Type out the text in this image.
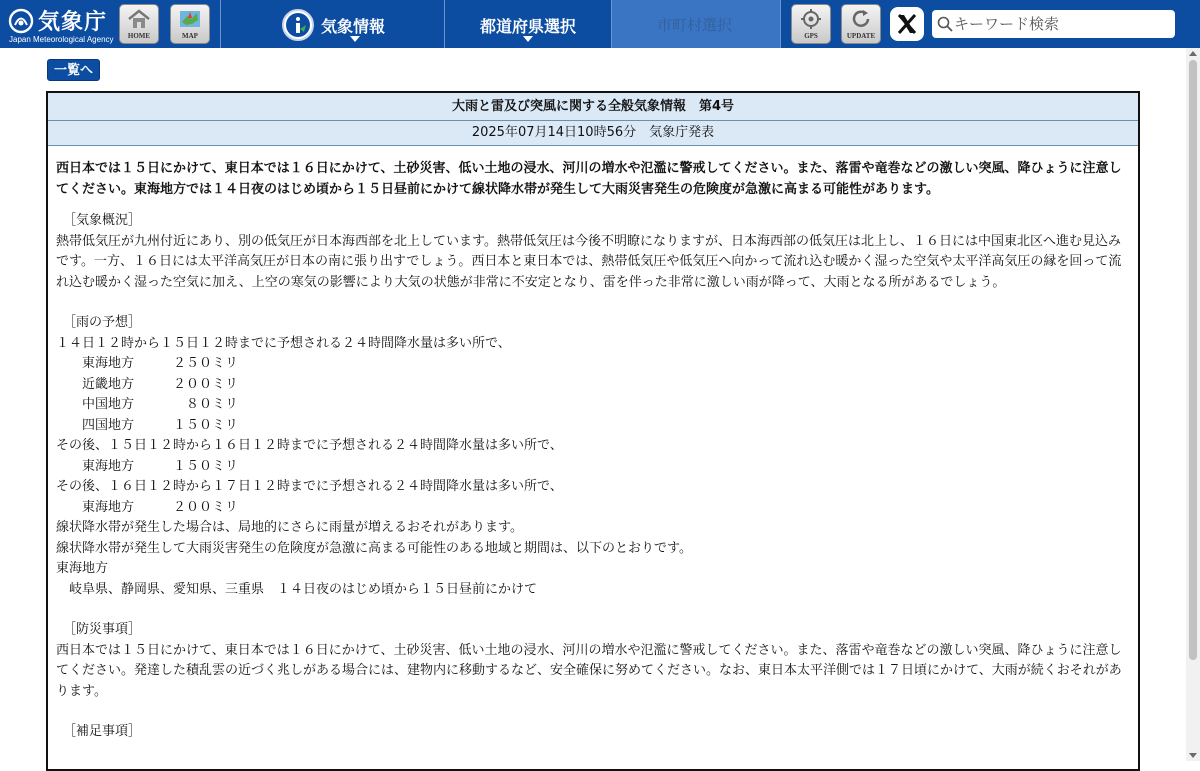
気象庁
Japan Meteorological Agency	HOME	MAP	気象情報	都道府県選択	市町村選択
GPS	UPDATE
キーワード検索
一覧へ
大雨と雷及び突風に関する全般気象情報　第4号
2025年07月14日10時56分　気象庁発表
西日本では１５日にかけて、東日本では１６日にかけて、土砂災害、低い土地の浸水、河川の増水や氾濫に警戒してください。また、落雷や竜巻などの激しい突風、降ひょうに注意してください。東海地方では１４日夜のはじめ頃から１５日昼前にかけて線状降水帯が発生して大雨災害発生の危険度が急激に高まる可能性があります。
［気象概況］
熱帯低気圧が九州付近にあり、別の低気圧が日本海西部を北上しています。熱帯低気圧は今後不明瞭になりますが、日本海西部の低気圧は北上し、１６日には中国東北区へ進む見込みです。一方、１６日には太平洋高気圧が日本の南に張り出すでしょう。西日本と東日本では、熱帯低気圧や低気圧へ向かって流れ込む暖かく湿った空気や太平洋高気圧の縁を回って流れ込む暖かく湿った空気に加え、上空の寒気の影響により大気の状態が非常に不安定となり、雷を伴った非常に激しい雨が降って、大雨となる所があるでしょう。
［雨の予想］
１４日１２時から１５日１２時までに予想される２４時間降水量は多い所で、
　　東海地方　　　２５０ミリ
　　近畿地方　　　２００ミリ
　　中国地方　　　　８０ミリ
　　四国地方　　　１５０ミリ
その後、１５日１２時から１６日１２時までに予想される２４時間降水量は多い所で、
　　東海地方　　　１５０ミリ
その後、１６日１２時から１７日１２時までに予想される２４時間降水量は多い所で、
　　東海地方　　　２００ミリ
線状降水帯が発生した場合は、局地的にさらに雨量が増えるおそれがあります。
線状降水帯が発生して大雨災害発生の危険度が急激に高まる可能性のある地域と期間は、以下のとおりです。
東海地方
　岐阜県、静岡県、愛知県、三重県　１４日夜のはじめ頃から１５日昼前にかけて
［防災事項］
西日本では１５日にかけて、東日本では１６日にかけて、土砂災害、低い土地の浸水、河川の増水や氾濫に警戒してください。また、落雷や竜巻などの激しい突風、降ひょうに注意してください。発達した積乱雲の近づく兆しがある場合には、建物内に移動するなど、安全確保に努めてください。なお、東日本太平洋側では１７日頃にかけて、大雨が続くおそれがあります。
［補足事項］
